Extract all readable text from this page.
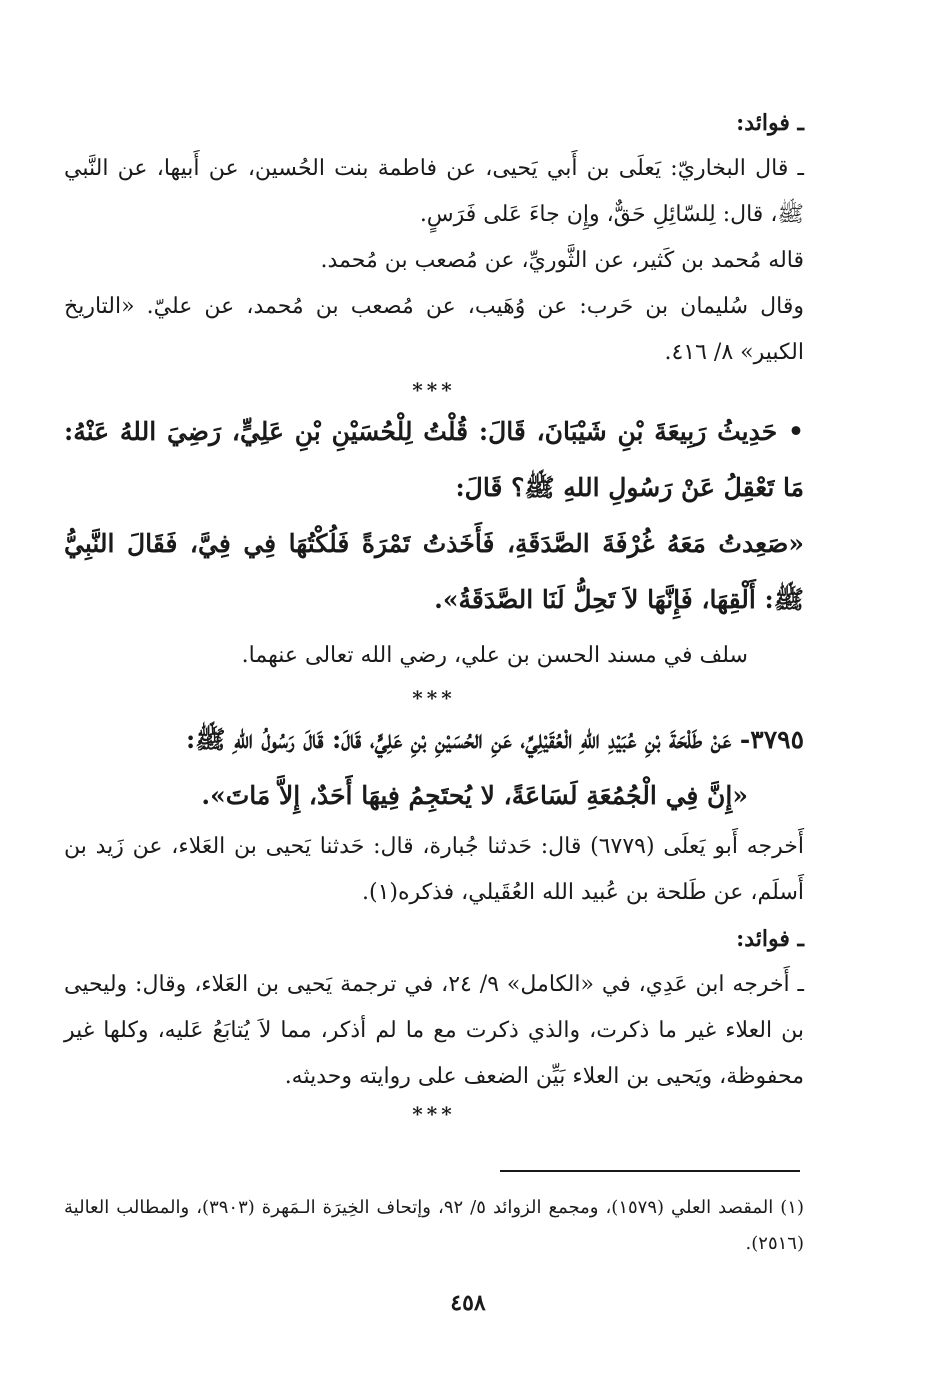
ـ فوائد:

ـ قال البخاريّ: يَعلَى بن أَبي يَحيى، عن فاطمة بنت الحُسين، عن أَبيها، عن النَّبي ﷺ، قال: لِلسّائِلِ حَقٌّ، وإِن جاءَ عَلى فَرَسٍ.

قاله مُحمد بن كَثير، عن الثَّوريِّ، عن مُصعب بن مُحمد.

وقال سُليمان بن حَرب: عن وُهَيب، عن مُصعب بن مُحمد، عن عليّ. «التاريخ الكبير» ٨/ ٤١٦.

***

• حَدِيثُ رَبِيعَةَ بْنِ شَيْبَانَ، قَالَ: قُلْتُ لِلْحُسَيْنِ بْنِ عَلِيٍّ، رَضِيَ اللهُ عَنْهُ: مَا تَعْقِلُ عَنْ رَسُولِ اللهِ ﷺ؟ قَالَ:

«صَعِدتُ مَعَهُ غُرْفَةَ الصَّدَقَةِ، فَأَخَذتُ تَمْرَةً فَلُكْتُهَا فِي فِيَّ، فَقَالَ النَّبِيُّ ﷺ: أَلْقِهَا، فَإِنَّهَا لاَ تَحِلُّ لَنَا الصَّدَقَةُ».

سلف في مسند الحسن بن علي، رضي الله تعالى عنهما.

***

٣٧٩٥- عَنْ طَلْحَةَ بْنِ عُبَيْدِ اللهِ الْعُقَيْلِيِّ، عَنِ الحُسَيْنِ بْنِ عَلِيٍّ، قَالَ: قَالَ رَسُولُ اللهِ ﷺ:

«إِنَّ فِي الْجُمُعَةِ لَسَاعَةً، لا يُحتَجِمُ فِيهَا أَحَدٌ، إِلاَّ مَاتَ».

أَخرجه أَبو يَعلَى (٦٧٧٩) قال: حَدثنا جُبارة، قال: حَدثنا يَحيى بن العَلاء، عن زَيد بن أَسلَم، عن طَلحة بن عُبيد الله العُقَيلي، فذكره(١).

ـ فوائد:

ـ أَخرجه ابن عَدِي، في «الكامل» ٩/ ٢٤، في ترجمة يَحيى بن العَلاء، وقال: وليحيى بن العلاء غير ما ذكرت، والذي ذكرت مع ما لم أذكر، مما لاَ يُتابَعُ عَليه، وكلها غير محفوظة، ويَحيى بن العلاء بَيِّن الضعف على روايته وحديثه.

***

(١) المقصد العلي (١٥٧٩)، ومجمع الزوائد ٥/ ٩٢، وإتحاف الخِيرَة الـمَهرة (٣٩٠٣)، والمطالب العالية (٢٥١٦).

٤٥٨
